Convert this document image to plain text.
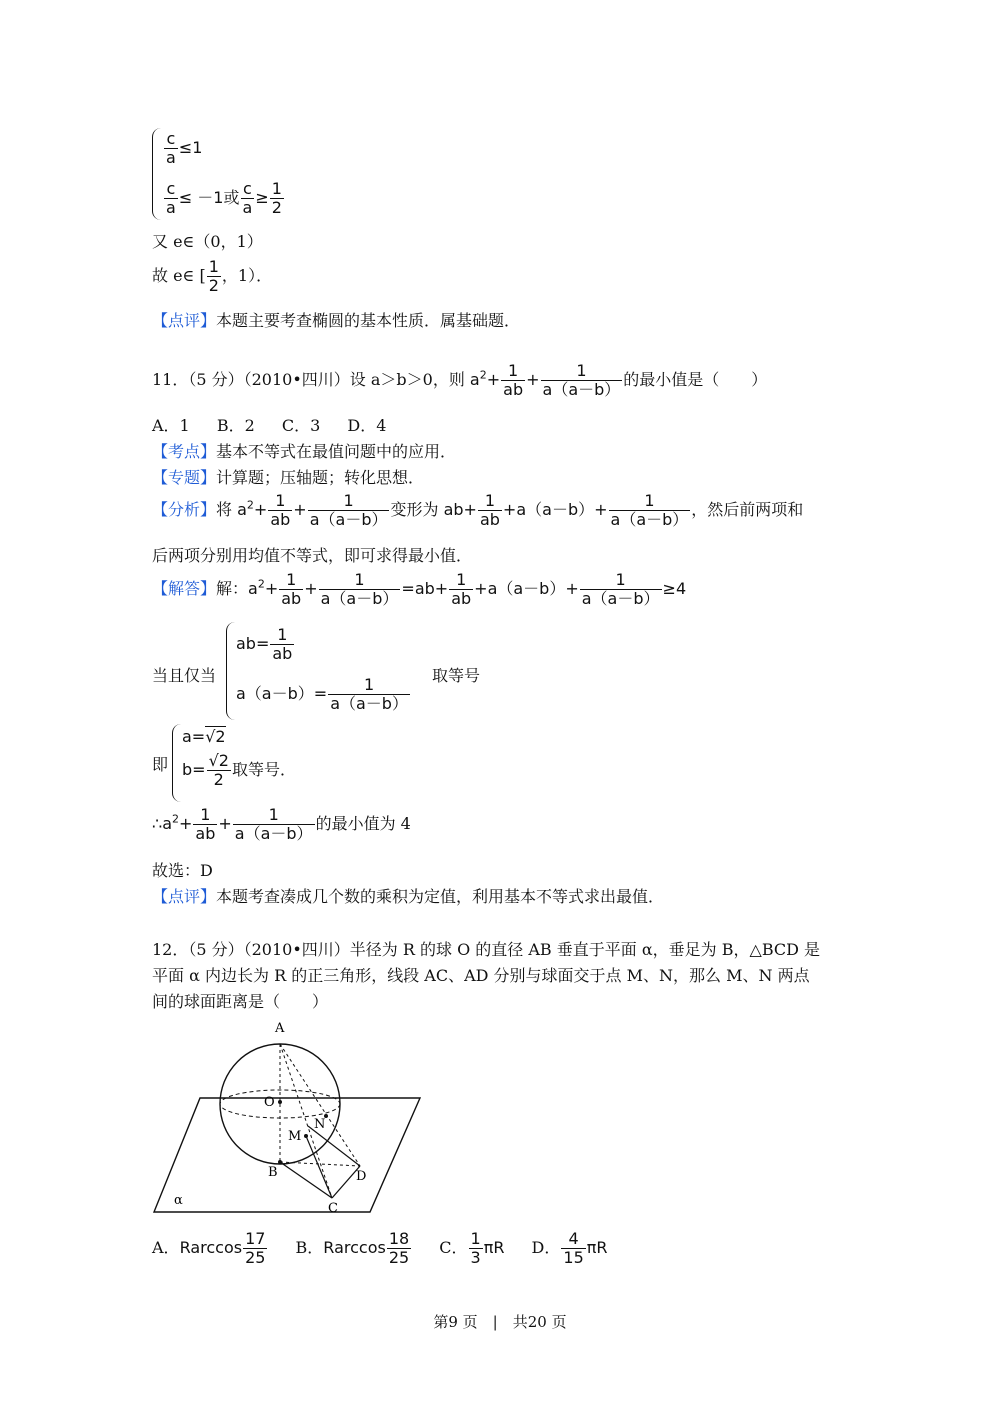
$\frac{c}{a} \le 1$
$\frac{c}{a} \le -1$或 $\frac{c}{a} \ge \frac{1}{2}$
又 e∈（0，1）
故 e∈ [ $\frac{1}{2}$ ，1）．
【点评】本题主要考查椭圆的基本性质．属基础题．
11．（5 分）（2010•四川）设 a＞b＞0，则 $a^2+ \frac{1}{ab} + \frac{1}{a(a-b)}$ 的最小值是（　　）
A．1 B．2 C．3 D．4
【考点】基本不等式在最值问题中的应用．
【专题】计算题；压轴题；转化思想．
【分析】将 $a^2+ \frac{1}{ab} + \frac{1}{a(a-b)}$ 变形为 $ab+ \frac{1}{ab} +a(a-b)+ \frac{1}{a(a-b)}$ ，然后前两项和
后两项分别用均值不等式，即可求得最小值．
【解答】解：$a^2+ \frac{1}{ab} + \frac{1}{a(a-b)} =ab+ \frac{1}{ab} +a(a-b)+ \frac{1}{a(a-b)} \ge 4$
当且仅当
$ab= \frac{1}{ab}$
$a(a-b)= \frac{1}{a(a-b)}$
取等号
即
a=√2
$b= \frac{√2}{2}$ 取等号．
$\therefore a^2+ \frac{1}{ab} + \frac{1}{a(a-b)}$ 的最小值为 4
故选：D
【点评】本题考查凑成几个数的乘积为定值，利用基本不等式求出最值．
12．（5 分）（2010•四川）半径为 R 的球 O 的直径 AB 垂直于平面 α，垂足为 B，△BCD 是
平面 α 内边长为 R 的正三角形，线段 AC、AD 分别与球面交于点 M、N，那么 M、N 两点
间的球面距离是（　　）
A
O
M
N
B
C
D
α
A．Rarccos $\frac{17}{25}$ B．Rarccos $\frac{18}{25}$ C． $\frac{1}{3}$ πR D． $\frac{4}{15}$ πR
第9 页　|　共20 页
